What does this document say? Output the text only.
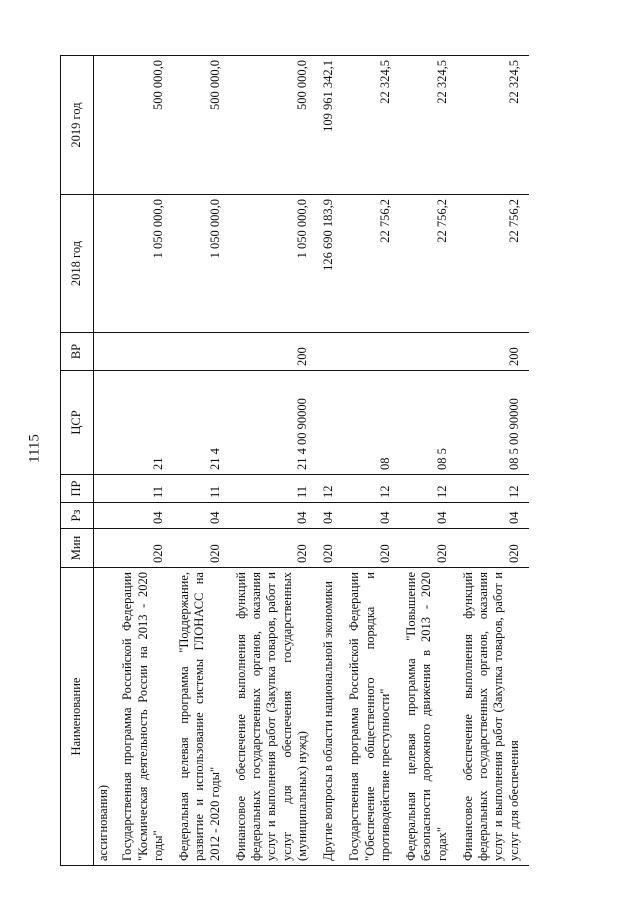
1115
Наименование	Мин	Рз	ПР	ЦСР	ВР	2018 год	2019 год
ассигнования)							
Государственная программа Российской Федерации "Космическая деятельность России на 2013 - 2020 годы"	020	04	11	21		1 050 000,0	500 000,0
Федеральная целевая программа "Поддержание, развитие и использование системы ГЛОНАСС на 2012 - 2020 годы"	020	04	11	21 4		1 050 000,0	500 000,0
Финансовое обеспечение выполнения функций федеральных государственных органов, оказания услуг и выполнения работ (Закупка товаров, работ и услуг для обеспечения государственных (муниципальных) нужд)	020	04	11	21 4 00 90000	200	1 050 000,0	500 000,0
Другие вопросы в области национальной экономики	020	04	12			126 690 183,9	109 961 342,1
Государственная программа Российской Федерации "Обеспечение общественного порядка и противодействие преступности"	020	04	12	08		22 756,2	22 324,5
Федеральная целевая программа "Повышение безопасности дорожного движения в 2013 - 2020 годах"	020	04	12	08 5		22 756,2	22 324,5
Финансовое обеспечение выполнения функций федеральных государственных органов, оказания услуг и выполнения работ (Закупка товаров, работ и услуг для обеспечения	020	04	12	08 5 00 90000	200	22 756,2	22 324,5
